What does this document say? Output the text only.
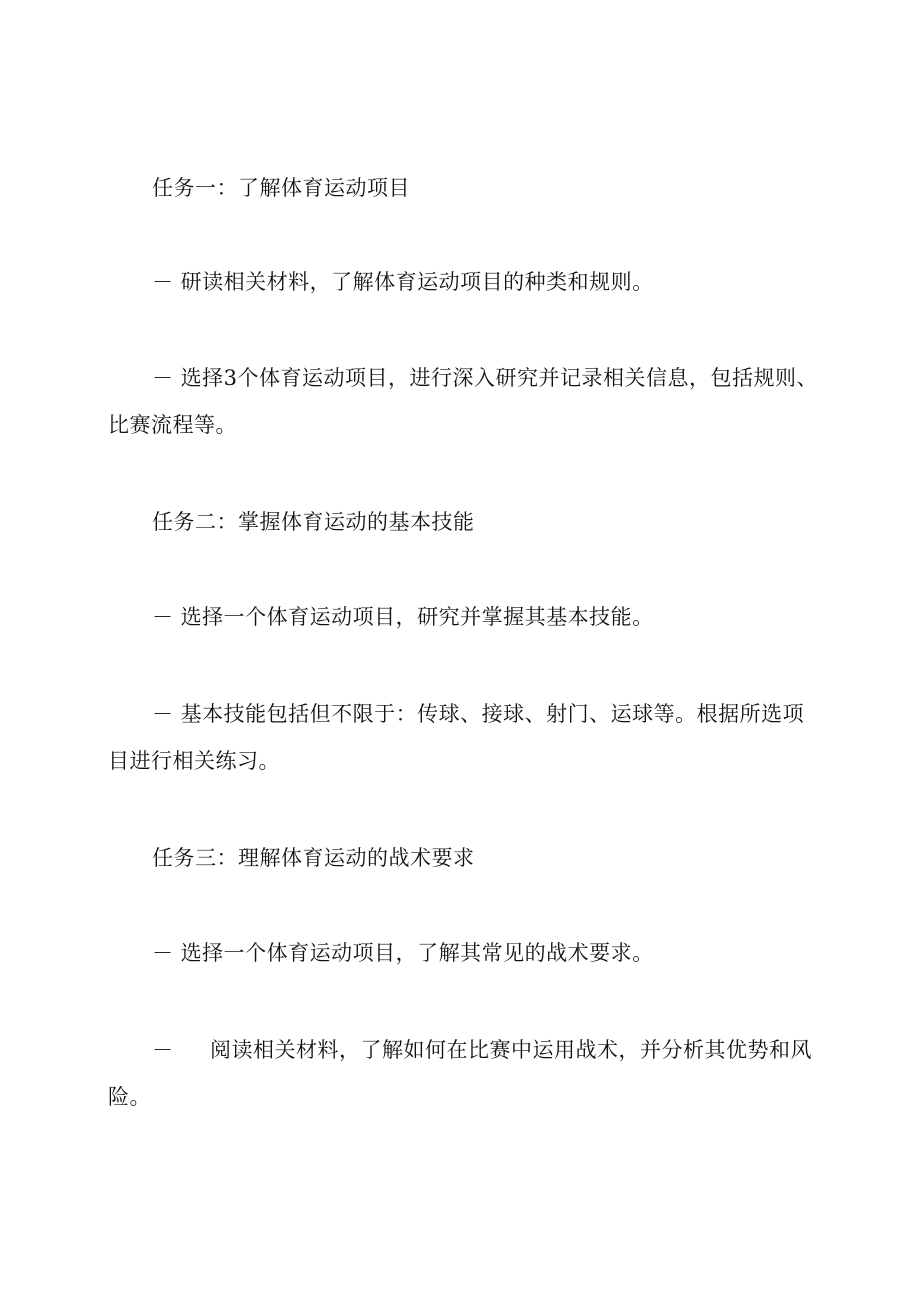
任务一：了解体育运动项目
－ 研读相关材料，了解体育运动项目的种类和规则。
－ 选择3个体育运动项目，进行深入研究并记录相关信息，包括规则、
比赛流程等。
任务二：掌握体育运动的基本技能
－ 选择一个体育运动项目，研究并掌握其基本技能。
－ 基本技能包括但不限于：传球、接球、射门、运球等。根据所选项
目进行相关练习。
任务三：理解体育运动的战术要求
－ 选择一个体育运动项目，了解其常见的战术要求。
－ 阅读相关材料，了解如何在比赛中运用战术，并分析其优势和风
险。
